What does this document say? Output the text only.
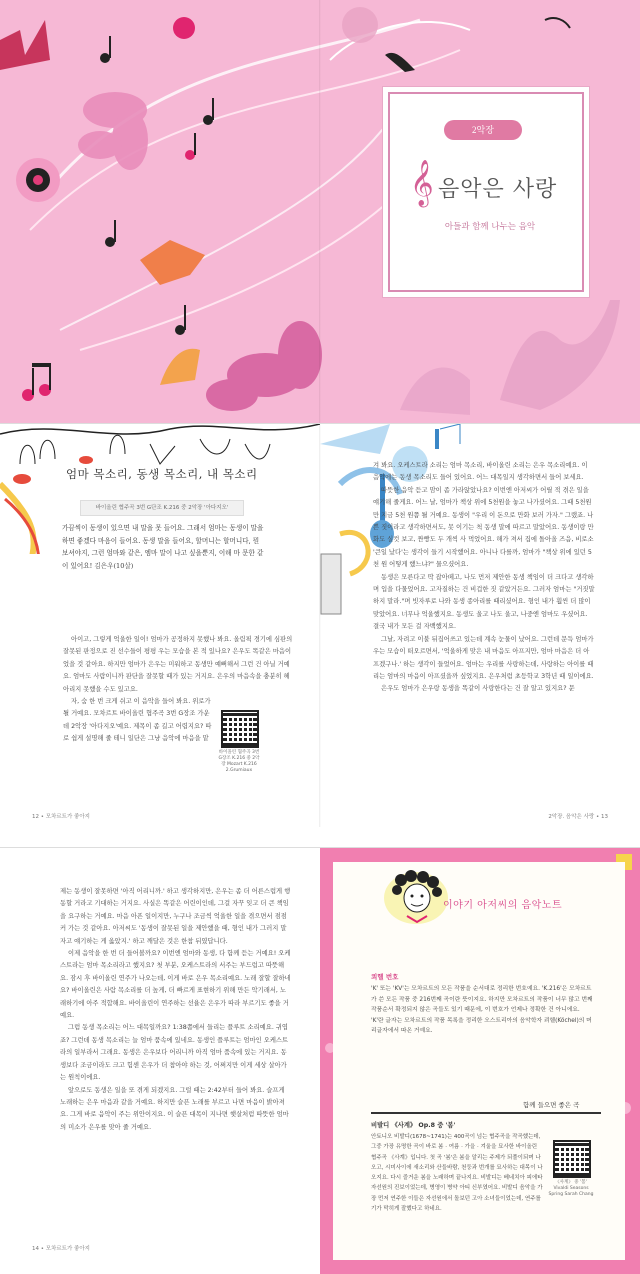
2악장
𝄞 음악은 사랑
아들과 함께 나누는 음악
엄마 목소리, 동생 목소리, 내 목소리
바이올린 협주곡 3번 G단조 K.216 중 2악장 '아다지오'
가끔씩이 동생이 있으면 내 말을 못 들어요. 그래서 엄마는 동생이 말을 하면 좋겠다 마음이 들어요. 동생 말을 들어요, 할머니는 할머니다, 뭔 보셔야지, 그런 엄마와 같은, 엠마 말이 나고 싶을뿐지, 이해 마 문한 같이 있어요! 김은우(10살)

아이고, 그렇게 억울한 일이! 엄마가 공정하지 못했나 봐요. 올림픽 경기에 심판의 잘못된 판정으로 진 선수들이 평평 우는 모습을 본 적 있나요? 은우도 똑같은 마음이었을 것 같아요. 하지만 엄마가 은우는 미워하고 동생만 예뻐해서 그런 건 아닐 거예요. 엄마도 사람이니까 판단을 잘못할 때가 있는 거지요. 은우의 마음속을 충분히 헤아리지 못했을 수도 있고요.

자, 숨 한 번 크게 쉬고 이 음악을 들어 봐요. 위로가 될 거예요. 모차르트 바이올린 협주곡 3번 G장조 가운데 2악장 '아다지오'예요. 제목이 좀 길고 어렵지요? 따로 쉽게 설명해 줄 테니 일단은 그냥 음악에 마음을 맡

바이올린 협주곡 3번 G장조 K.216 중 2악장 Mozart K.216 2.Grumiaux
12 • 모차르트가 좋아지

겨 봐요. 오케스트라 소리는 엄마 목소리, 바이올린 소리는 은우 목소리예요. 이 음악에는 동생 목소리도 들어 있어요. 어느 대목일지 생각하면서 들어 보세요.

따뜻한 음악 듣고 맘이 좀 가라앉았나요? 이번엔 아저씨가 어릴 적 겪은 일을 얘기해 줄게요. 어느 날, 엄마가 책상 위에 5천원을 놓고 나가셨어요. 그때 5천원만 지금 5천 원쯤 될 거예요. 동생이 "우리 이 돈으로 만화 보러 가자." 그랬죠. 나쁜 짓이라고 생각하면서도, 못 이기는 척 동생 말에 따르고 말았어요. 동생이랑 만화도 실컷 보고, 짠빵도 두 개씩 사 먹었어요. 해가 져서 집에 돌아올 즈음, 비로소 '큰일 났다'는 생각이 들기 시작했어요. 아니나 다를까, 엄마가 "책상 위에 있던 5천 원 어떻게 했느냐?" 물으셨어요.

동생은 모른다고 딱 잡아떼고, 나도 먼저 제안한 동생 책임이 더 크다고 생각하며 입을 다물었어요. 고자질하는 건 비겁한 짓 같았거든요. 그러자 엄마는 "거짓말 하지 말라."며 빗자루로 나와 동생 종아리를 때리셨어요. 형인 내가 훨씬 더 많이 맞았어요. 너무나 억울했지요. 동생도 울고 나도 울고, 나중엔 엄마도 우셨어요. 결국 내가 모든 걸 자백했지요.

그날, 자려고 이불 뒤집어쓰고 있는데 계속 눈물이 났어요. 그런데 문득 엄마가 우는 모습이 떠오르면서, '억울하게 맞은 내 마음도 아프지만, 엄마 마음은 더 아프겠구나.' 하는 생각이 들었어요. 엄마는 우리를 사랑하는데, 사랑하는 아이를 때리는 엄마의 마음이 아프셨을까 싶었지요. 은우처럼 초등학교 3학년 때 일이에요.

은우도 엄마가 은우랑 동생을 똑같이 사랑한다는 건 잘 알고 있지요? 문

2악장. 음악은 사랑 • 13

제는 동생이 잘못하면 '아직 어리니까.' 하고 생각하지만, 은우는 좀 더 어른스럽게 행동할 거라고 기대하는 거지요. 사실은 똑같은 어린이인데, 그걸 자꾸 잊고 더 큰 책임을 요구하는 거예요. 마음 아픈 일이지만, 누구나 조금씩 억울한 일을 겪으면서 점점 커 가는 것 같아요. 아저씨도 '동생이 잘못된 일을 제안했을 때, 형인 내가 그러지 말자고 얘기하는 게 옳았지.' 하고 깨달은 것은 한참 뒤였답니다.

이제 음악을 한 번 더 들어볼까요? 이번엔 엄마와 동생, 다 함께 듣는 거예요! 오케스트라는 엄마 목소리라고 했지요? 첫 부분, 오케스트라의 서주는 부드럽고 따뜻해요. 잠시 후 바이올린 연주가 나오는데, 이게 바로 은우 목소리예요. 노래 잘할 잘하네요? 바이올린은 사람 목소리를 더 높게, 더 빠르게 표현하기 위해 만든 악기래서, 노래하기에 아주 적합해요. 바이올린이 연주하는 선율은 은우가 따라 부르기도 좋을 거예요.

그럼 동생 목소리는 어느 대목일까요? 1:38쯤에서 들리는 플루트 소리예요. 귀엽죠? 그런데 동생 목소리는 늘 엄마 품속에 있네요. 동생인 플루트는 엄마인 오케스트라의 일부라서 그래요. 동생은 은우보다 어리니까 아직 엄마 품속에 있는 거지요. 동생보다 조금이라도 크고 힘센 은우가 더 참아야 하는 것, 어쩌지만 이게 세상 살아가는 원칙이에요.

앞으로도 동생은 일을 또 겪게 되겠지요. 그럴 때는 2:42부터 들어 봐요. 슬프게 노래하는 은우 마음과 같을 거예요. 하지만 슬픈 노래를 부르고 나면 마음이 밝아져요. 그게 바로 음악이 주는 위안이지요. 이 슬픈 대목이 지나면 햇살처럼 따뜻한 엄마의 미소가 은우를 맞아 줄 거예요.

14 • 모차르트가 좋아지
이야기 아저씨의 음악노트
쾨헬 번호
'K' 또는 'KV'는 모차르트의 모든 작품을 순서대로 정리한 번호예요. 'K.216'은 모차르트가 쓴 모든 작품 중 216번째 곡이란 뜻이지요. 하지만 모차르트의 작품이 너무 많고 번째 작품순서 확정되지 않은 곡들도 있기 때문에, 이 번호가 언제나 정확한 건 아니에요. 'K'란 글자는 모차르트의 작품 목록을 정리한 오스트리아의 음악학자 쾨헬(Köchel)의 머리글자에서 따온 거예요.
함께 들으면 좋은 곡
비발디 《사계》 Op.8 중 '봄'
안토니오 비발디(1678~1741)는 400곡이 넘는 협주곡을 작곡했는데, 그중 가장 유명한 곡이 바로 봄 · 여름 · 가을 · 겨울을 묘사한 바이올린 협주곡 《사계》입니다. 첫 곡 '봄'은 봄을 알리는 주제가 되풀이되며 나오고, 시미사이에 새소리와 산들바람, 천둥과 번개를 묘사하는 대목이 나오지요. 다시 즐거운 봄을 노래하며 끝나지요. 비발디는 베네치아 피에타 자선원의 진보이었는데, 병영이 병약 아티 신부였어요. 비발디 음악을 가장 먼저 연주한 이들은 자선원에서 돌보던 고아 소녀들이었는데, 연주를 기가 막히게 잘했다고 하네요.
《사계》 중 '봄' Vivaldi Seasons Spring Sarah Chang
